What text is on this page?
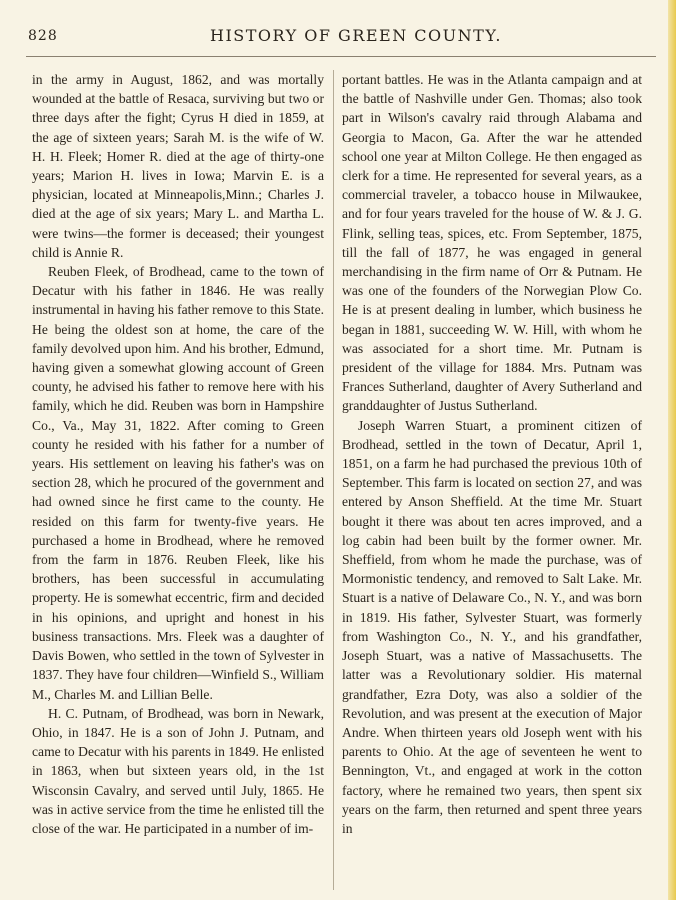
828	HISTORY OF GREEN COUNTY.

in the army in August, 1862, and was mortally wounded at the battle of Resaca, surviving but two or three days after the fight; Cyrus H died in 1859, at the age of sixteen years; Sarah M. is the wife of W. H. H. Fleek; Homer R. died at the age of thirty-one years; Marion H. lives in Iowa; Marvin E. is a physician, located at Minneapolis,Minn.; Charles J. died at the age of six years; Mary L. and Martha L. were twins—the former is deceased; their youngest child is Annie R.

Reuben Fleek, of Brodhead, came to the town of Decatur with his father in 1846. He was really instrumental in having his father remove to this State. He being the oldest son at home, the care of the family devolved upon him. And his brother, Edmund, having given a somewhat glowing account of Green county, he advised his father to remove here with his family, which he did. Reuben was born in Hampshire Co., Va., May 31, 1822. After coming to Green county he resided with his father for a number of years. His settlement on leaving his father's was on section 28, which he procured of the government and had owned since he first came to the county. He resided on this farm for twenty-five years. He purchased a home in Brodhead, where he removed from the farm in 1876. Reuben Fleek, like his brothers, has been successful in accumulating property. He is somewhat eccentric, firm and decided in his opinions, and upright and honest in his business transactions. Mrs. Fleek was a daughter of Davis Bowen, who settled in the town of Sylvester in 1837. They have four children—Winfield S., William M., Charles M. and Lillian Belle.

H. C. Putnam, of Brodhead, was born in Newark, Ohio, in 1847. He is a son of John J. Putnam, and came to Decatur with his parents in 1849. He enlisted in 1863, when but sixteen years old, in the 1st Wisconsin Cavalry, and served until July, 1865. He was in active service from the time he enlisted till the close of the war. He participated in a number of im-

portant battles. He was in the Atlanta campaign and at the battle of Nashville under Gen. Thomas; also took part in Wilson's cavalry raid through Alabama and Georgia to Macon, Ga. After the war he attended school one year at Milton College. He then engaged as clerk for a time. He represented for several years, as a commercial traveler, a tobacco house in Milwaukee, and for four years traveled for the house of W. & J. G. Flink, selling teas, spices, etc. From September, 1875, till the fall of 1877, he was engaged in general merchandising in the firm name of Orr & Putnam. He was one of the founders of the Norwegian Plow Co. He is at present dealing in lumber, which business he began in 1881, succeeding W. W. Hill, with whom he was associated for a short time. Mr. Putnam is president of the village for 1884. Mrs. Putnam was Frances Sutherland, daughter of Avery Sutherland and granddaughter of Justus Sutherland.

Joseph Warren Stuart, a prominent citizen of Brodhead, settled in the town of Decatur, April 1, 1851, on a farm he had purchased the previous 10th of September. This farm is located on section 27, and was entered by Anson Sheffield. At the time Mr. Stuart bought it there was about ten acres improved, and a log cabin had been built by the former owner. Mr. Sheffield, from whom he made the purchase, was of Mormonistic tendency, and removed to Salt Lake. Mr. Stuart is a native of Delaware Co., N. Y., and was born in 1819. His father, Sylvester Stuart, was formerly from Washington Co., N. Y., and his grandfather, Joseph Stuart, was a native of Massachusetts. The latter was a Revolutionary soldier. His maternal grandfather, Ezra Doty, was also a soldier of the Revolution, and was present at the execution of Major Andre. When thirteen years old Joseph went with his parents to Ohio. At the age of seventeen he went to Bennington, Vt., and engaged at work in the cotton factory, where he remained two years, then spent six years on the farm, then returned and spent three years in
